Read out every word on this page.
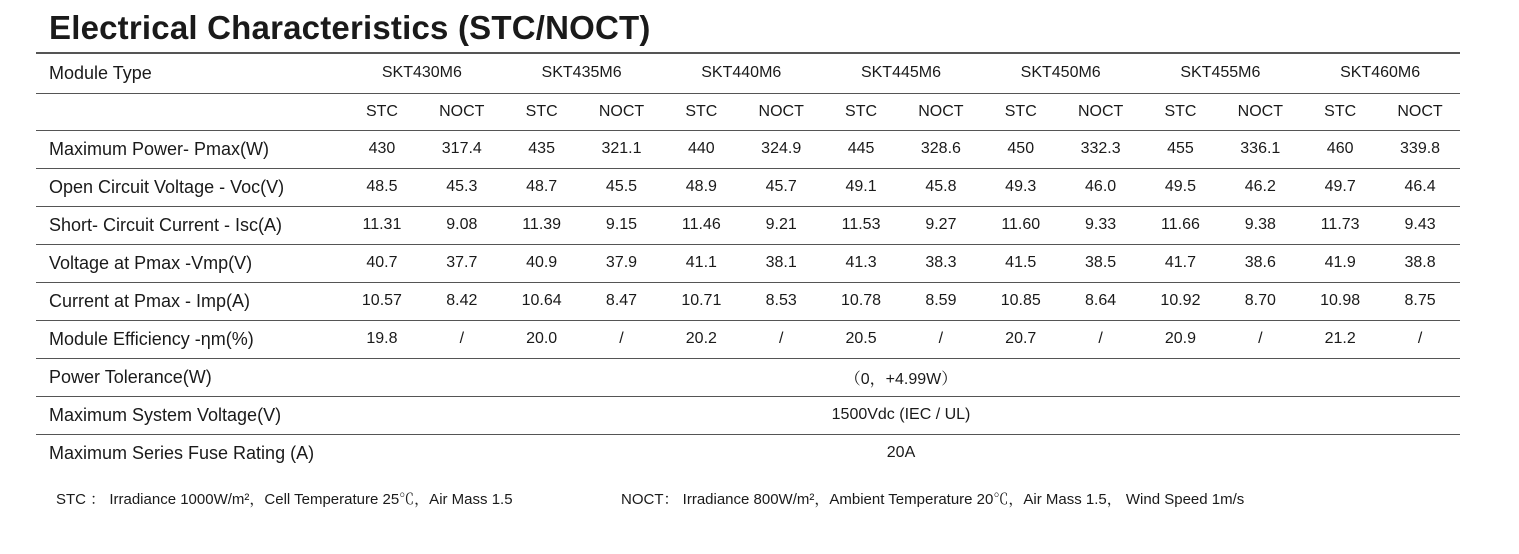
Electrical Characteristics (STC/NOCT)
Module Type	SKT430M6		SKT435M6		SKT440M6		SKT445M6		SKT450M6		SKT455M6		SKT460M6	
	STC	NOCT	STC	NOCT	STC	NOCT	STC	NOCT	STC	NOCT	STC	NOCT	STC	NOCT
Maximum Power- Pmax(W)	430	317.4	435	321.1	440	324.9	445	328.6	450	332.3	455	336.1	460	339.8
Open Circuit Voltage - Voc(V)	48.5	45.3	48.7	45.5	48.9	45.7	49.1	45.8	49.3	46.0	49.5	46.2	49.7	46.4
Short- Circuit Current - Isc(A)	11.31	9.08	11.39	9.15	11.46	9.21	11.53	9.27	11.60	9.33	11.66	9.38	11.73	9.43
Voltage at Pmax -Vmp(V)	40.7	37.7	40.9	37.9	41.1	38.1	41.3	38.3	41.5	38.5	41.7	38.6	41.9	38.8
Current at Pmax - Imp(A)	10.57	8.42	10.64	8.47	10.71	8.53	10.78	8.59	10.85	8.64	10.92	8.70	10.98	8.75
Module Efficiency -ηm(%)	19.8	/	20.0	/	20.2	/	20.5	/	20.7	/	20.9	/	21.2	/
Power Tolerance(W)	（0，+4.99W）													
Maximum System Voltage(V)	1500Vdc (IEC / UL)													
Maximum Series Fuse Rating (A)	20A													
STC ： Irradiance 1000W/m²，Cell Temperature 25℃，Air Mass 1.5	NOCT： Irradiance 800W/m²，Ambient Temperature 20℃，Air Mass 1.5， Wind Speed 1m/s
